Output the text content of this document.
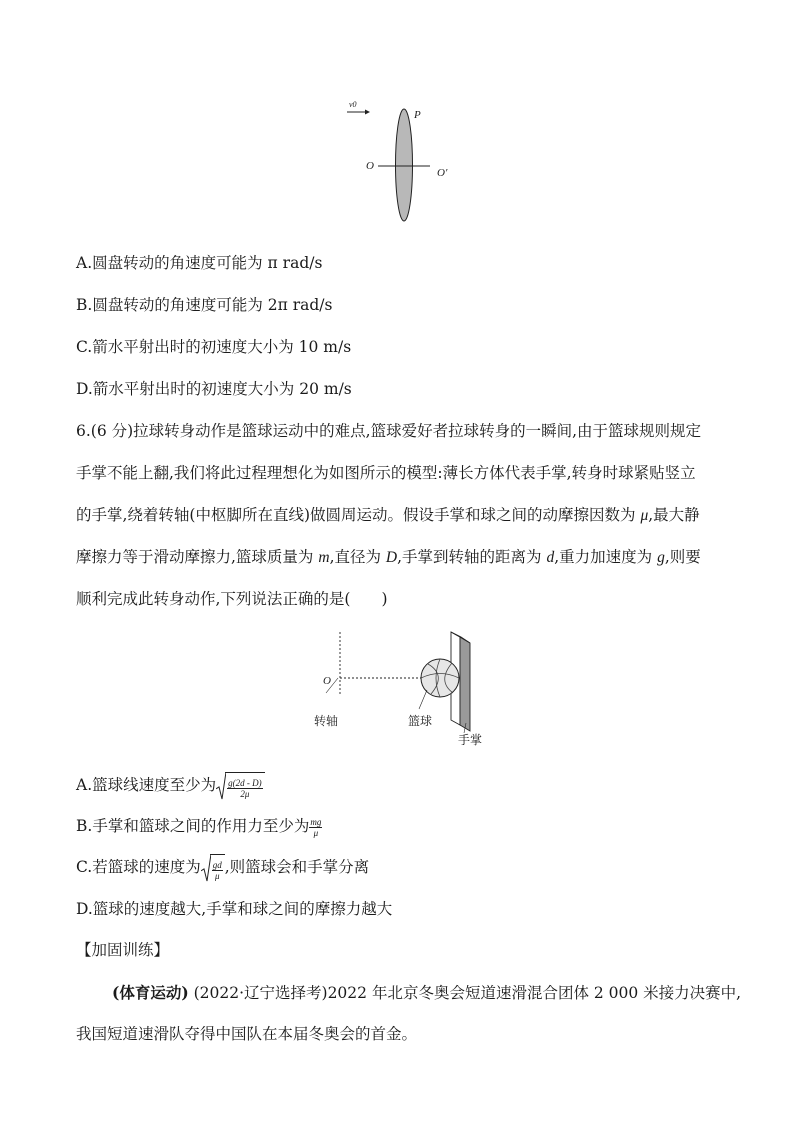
v0
P
O
O′
A.圆盘转动的角速度可能为 π rad/s
B.圆盘转动的角速度可能为 2π rad/s
C.箭水平射出时的初速度大小为 10 m/s
D.箭水平射出时的初速度大小为 20 m/s
6.(6 分)拉球转身动作是篮球运动中的难点,篮球爱好者拉球转身的一瞬间,由于篮球规则规定
手掌不能上翻,我们将此过程理想化为如图所示的模型:薄长方体代表手掌,转身时球紧贴竖立
的手掌,绕着转轴(中枢脚所在直线)做圆周运动。假设手掌和球之间的动摩擦因数为 μ,最大静
摩擦力等于滑动摩擦力,篮球质量为 m,直径为 D,手掌到转轴的距离为 d,重力加速度为 g,则要
顺利完成此转身动作,下列说法正确的是(　　)
O
转轴	篮球
手掌
A.篮球线速度至少为 $\frac{g(2d - D)}{2\mu}$
B.手掌和篮球之间的作用力至少为 $\frac{mg}{\mu}$
C.若篮球的速度为 $\frac{gd}{\mu}$ ,则篮球会和手掌分离
D.篮球的速度越大,手掌和球之间的摩擦力越大
【加固训练】
(体育运动) (2022·辽宁选择考)2022 年北京冬奥会短道速滑混合团体 2 000 米接力决赛中,
我国短道速滑队夺得中国队在本届冬奥会的首金。
